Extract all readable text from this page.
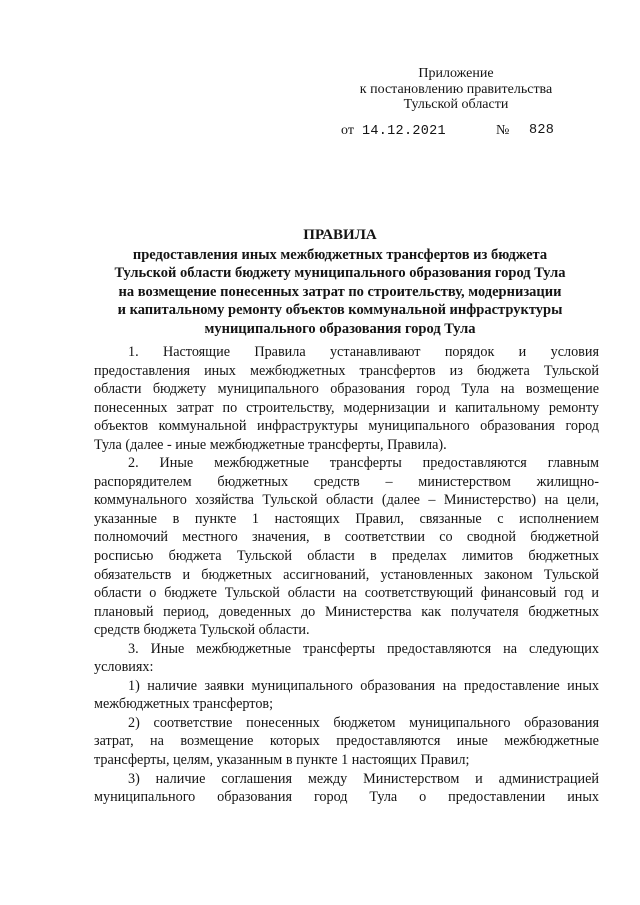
Приложение
к постановлению правительства
Тульской области
от 14.12.2021	№ 828
ПРАВИЛА
предоставления иных межбюджетных трансфертов из бюджета
Тульской области бюджету муниципального образования город Тула
на возмещение понесенных затрат по строительству, модернизации
и капитальному ремонту объектов коммунальной инфраструктуры
муниципального образования город Тула
1. Настоящие Правила устанавливают порядок и условия
предоставления иных межбюджетных трансфертов из бюджета Тульской
области бюджету муниципального образования город Тула на возмещение
понесенных затрат по строительству, модернизации и капитальному ремонту
объектов коммунальной инфраструктуры муниципального образования город
Тула (далее - иные межбюджетные трансферты, Правила).
2. Иные межбюджетные трансферты предоставляются главным
распорядителем бюджетных средств – министерством жилищно-
коммунального хозяйства Тульской области (далее – Министерство) на цели,
указанные в пункте 1 настоящих Правил, связанные с исполнением
полномочий местного значения, в соответствии со сводной бюджетной
росписью бюджета Тульской области в пределах лимитов бюджетных
обязательств и бюджетных ассигнований, установленных законом Тульской
области о бюджете Тульской области на соответствующий финансовый год и
плановый период, доведенных до Министерства как получателя бюджетных
средств бюджета Тульской области.
3. Иные межбюджетные трансферты предоставляются на следующих
условиях:
1) наличие заявки муниципального образования на предоставление иных
межбюджетных трансфертов;
2) соответствие понесенных бюджетом муниципального образования
затрат, на возмещение которых предоставляются иные межбюджетные
трансферты, целям, указанным в пункте 1 настоящих Правил;
3) наличие соглашения между Министерством и администрацией
муниципального образования город Тула о предоставлении иных
